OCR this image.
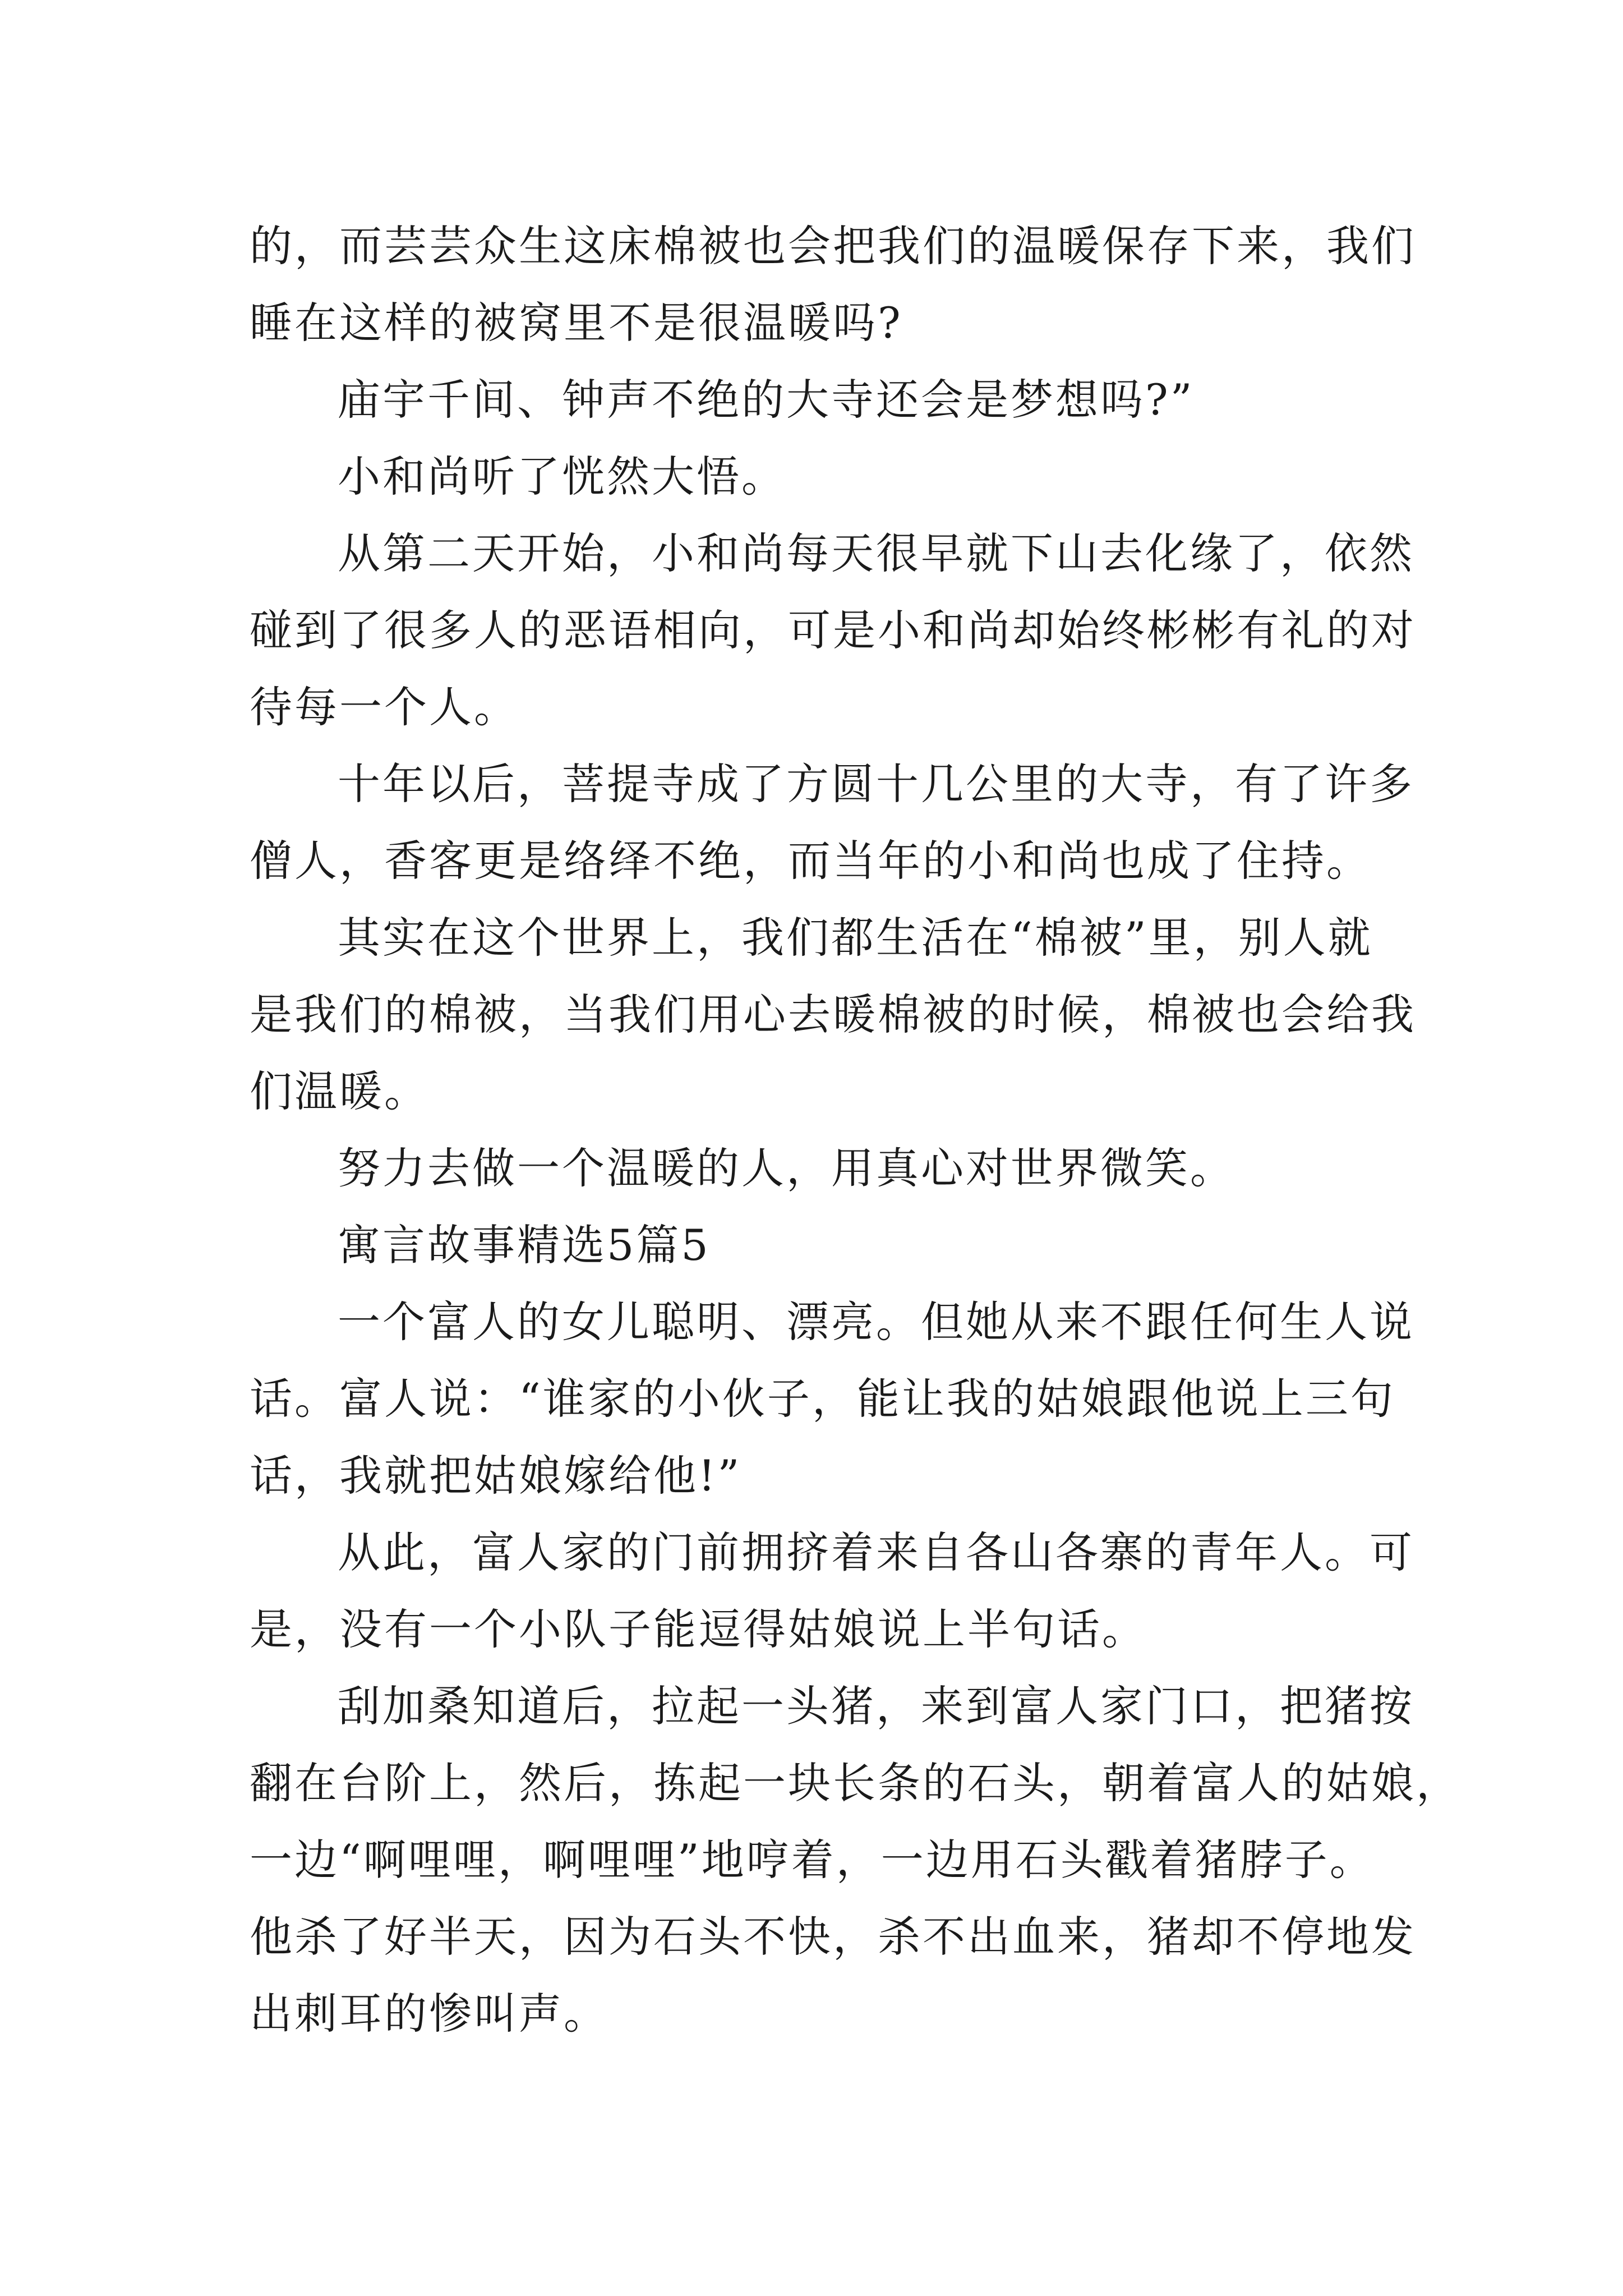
的，而芸芸众生这床棉被也会把我们的温暖保存下来，我们
睡在这样的被窝里不是很温暖吗?
庙宇千间、钟声不绝的大寺还会是梦想吗?”
小和尚听了恍然大悟。
从第二天开始，小和尚每天很早就下山去化缘了，依然
碰到了很多人的恶语相向，可是小和尚却始终彬彬有礼的对
待每一个人。
十年以后，菩提寺成了方圆十几公里的大寺，有了许多
僧人，香客更是络绎不绝，而当年的小和尚也成了住持。
其实在这个世界上，我们都生活在“棉被”里，别人就
是我们的棉被，当我们用心去暖棉被的时候，棉被也会给我
们温暖。
努力去做一个温暖的人，用真心对世界微笑。
寓言故事精选5篇5
一个富人的女儿聪明、漂亮。但她从来不跟任何生人说
话。富人说：“谁家的小伙子，能让我的姑娘跟他说上三句
话，我就把姑娘嫁给他!”
从此，富人家的门前拥挤着来自各山各寨的青年人。可
是，没有一个小队子能逗得姑娘说上半句话。
刮加桑知道后，拉起一头猪，来到富人家门口，把猪按
翻在台阶上，然后，拣起一块长条的石头，朝着富人的姑娘，
一边“啊哩哩，啊哩哩”地哼着，一边用石头戳着猪脖子。
他杀了好半天，因为石头不快，杀不出血来，猪却不停地发
出刺耳的惨叫声。
